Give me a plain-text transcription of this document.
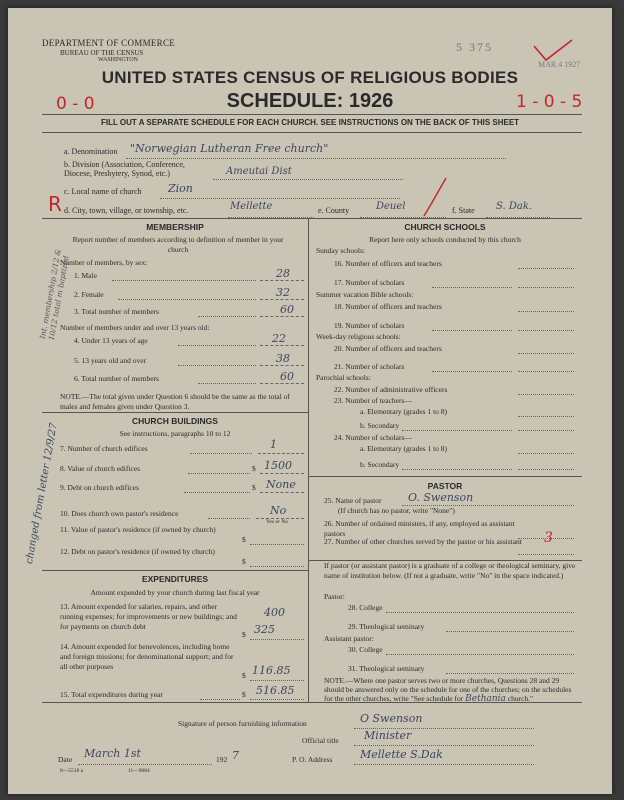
DEPARTMENT OF COMMERCE
BUREAU OF THE CENSUS
WASHINGTON
5 375
MAR 4 1927
UNITED STATES CENSUS OF RELIGIOUS BODIES
SCHEDULE: 1926
0 - 0	1 - 0 - 5
FILL OUT A SEPARATE SCHEDULE FOR EACH CHURCH. SEE INSTRUCTIONS ON THE BACK OF THIS SHEET
a. Denomination "Norwegian Lutheran Free church"
b. Division (Association, Conference, Diocese, Presbytery, Synod, etc.)	Ameutai Dist
R
c. Local name of church Zion
d. City, town, village, or township, etc.	Mellette	e. County	Deuel	f. State S. Dak.
MEMBERSHIP
Report number of members according to definition of member in your church
Number of members, by sex:
1. Male	28
2. Female	32
3. Total number of members	60
Number of members under and over 13 years old:
4. Under 13 years of age	22
5. 13 years old and over	38
6. Total number of members	60
NOTE.—The total given under Question 6 should be the same as the total of males and females given under Question 3.
CHURCH BUILDINGS
See instructions, paragraphs 10 to 12
7. Number of church edifices	1
8. Value of church edifices	$ 1500
9. Debt on church edifices	$ None
10. Does church own pastor's residence	No
Yes or No
11. Value of pastor's residence (if owned by church)
$
12. Debt on pastor's residence (if owned by church)
$
EXPENDITURES
Amount expended by your church during last fiscal year
13. Amount expended for salaries, repairs, and other running expenses; for improvements or new buildings; and for payments on church debt
400
$ 325
14. Amount expended for benevolences, including home and foreign missions; for denominational support; and for all other purposes
$ 116.85
15. Total expenditures during year	$ 516.85
CHURCH SCHOOLS
Report here only schools conducted by this church
Sunday schools:
16. Number of officers and teachers
17. Number of scholars
Summer vacation Bible schools:
18. Number of officers and teachers
19. Number of scholars
Week-day religious schools:
20. Number of officers and teachers
21. Number of scholars
Parochial schools:
22. Number of administrative officers
23. Number of teachers—
a. Elementary (grades 1 to 8)
b. Secondary
24. Number of scholars—
a. Elementary (grades 1 to 8)
b. Secondary
PASTOR
25. Name of pastor O. Swenson
(If church has no pastor, write "None")
26. Number of ordained ministers, if any, employed as assistant pastors
27. Number of other churches served by the pastor or his assistant 3
If pastor (or assistant pastor) is a graduate of a college or theological seminary, give name of institution below. (If not a graduate, write "No" in the space indicated.)
Pastor:
28. College
29. Theological seminary
Assistant pastor:
30. College
31. Theological seminary
NOTE.—Where one pastor serves two or more churches, Questions 28 and 29 should be answered only on the schedule for one of the churches; on the schedules for the other churches, write "See schedule for Bethania church."
Signature of person furnishing information	O Swenson
Official title Minister
Date March 1st	192 7	P. O. Address	Mellette S.Dak
8—5518 a	11—9084
Int. membership 2/12 & 10/12 total m baptized
changed from letter 12/9/27
